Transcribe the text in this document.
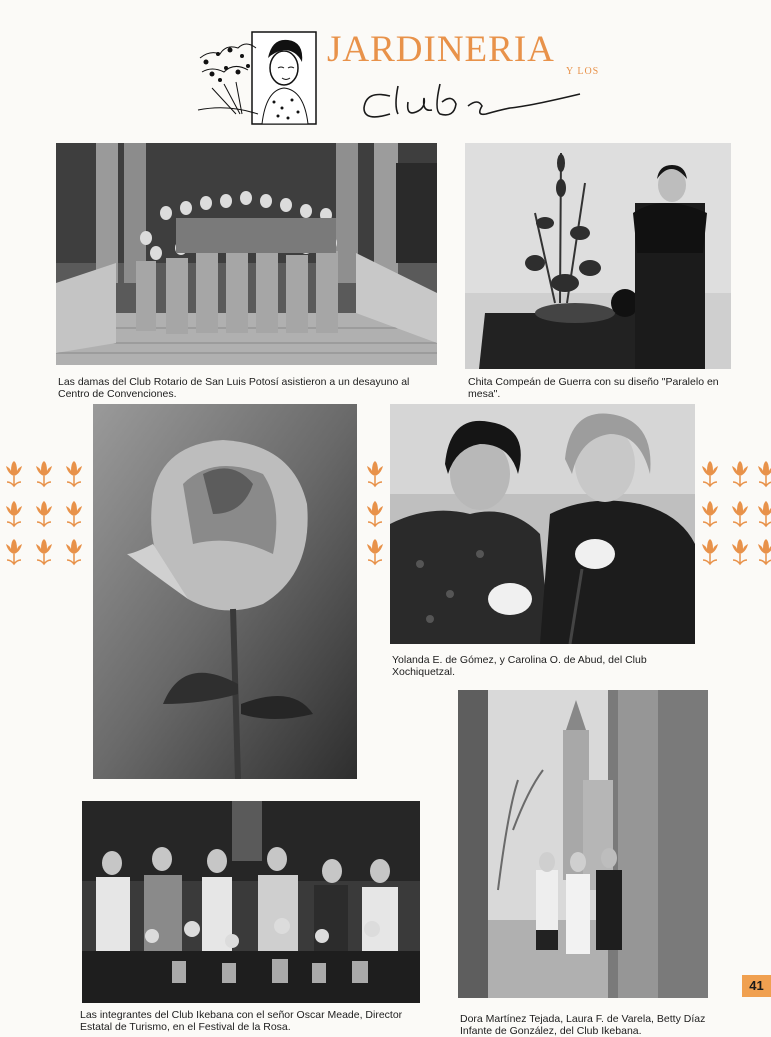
JARDINERIA
Y LOS
Las damas del Club Rotario de San Luis Potosí asistieron a un desayuno al Centro de Convenciones.
Chita Compeán de Guerra con su diseño "Paralelo en mesa".
Yolanda E. de Gómez, y Carolina O. de Abud, del Club Xochiquetzal.
Las integrantes del Club Ikebana con el señor Oscar Meade, Director Estatal de Turismo, en el Festival de la Rosa.
Dora Martínez Tejada, Laura F. de Varela, Betty Díaz Infante de González, del Club Ikebana.
41
